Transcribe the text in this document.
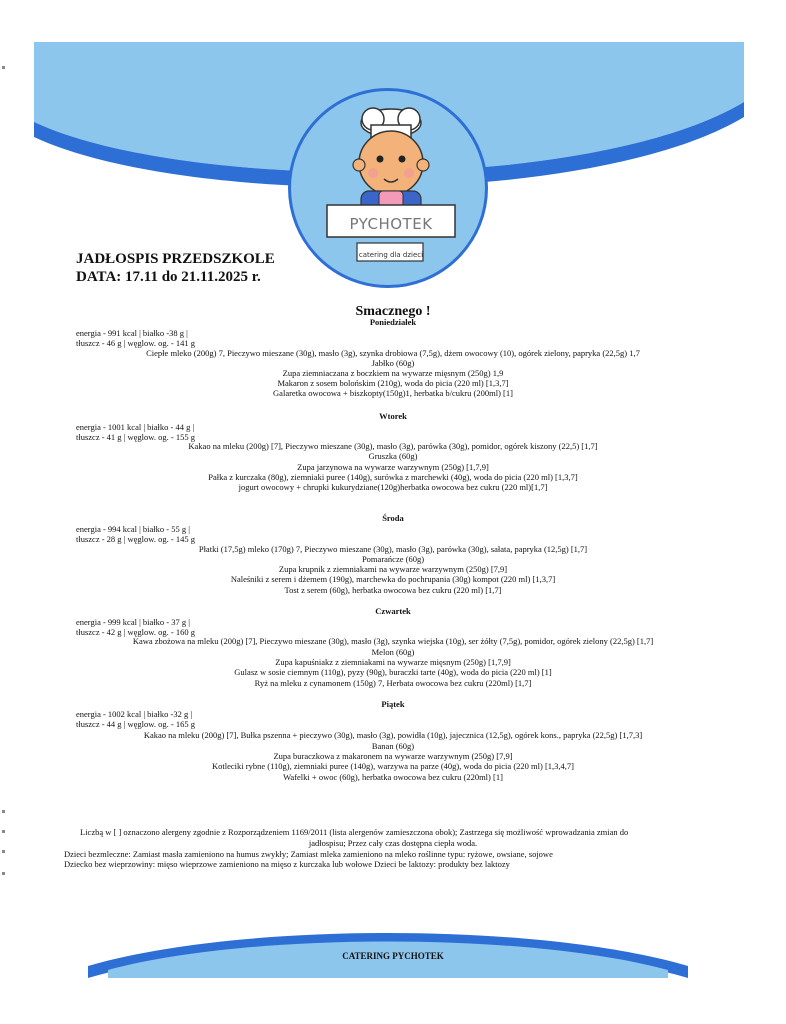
PYCHOTEK
catering dla dzieci
JADŁOSPIS PRZEDSZKOLE
DATA: 17.11 do 21.11.2025 r.
Smacznego !
Poniedziałek
energia - 991 kcal | białko -38 g |
tłuszcz - 46 g | węglow. og. - 141 g
Ciepłe mleko (200g) 7, Pieczywo mieszane (30g), masło (3g), szynka drobiowa (7,5g), dżem owocowy (10), ogórek zielony, papryka (22,5g) 1,7
Jabłko (60g)
Zupa ziemniaczana z boczkiem na wywarze mięsnym (250g) 1,9
Makaron z sosem bolońskim (210g), woda do picia (220 ml) [1,3,7]
Galaretka owocowa + biszkopty(150g)1, herbatka b/cukru (200ml) [1]
Wtorek
energia - 1001 kcal | białko - 44 g |
tłuszcz - 41 g | węglow. og. - 155 g
Kakao na mleku (200g) [7], Pieczywo mieszane (30g), masło (3g), parówka (30g), pomidor, ogórek kiszony (22,5) [1,7]
Gruszka (60g)
Zupa jarzynowa na wywarze warzywnym (250g) [1,7,9]
Pałka z kurczaka (80g), ziemniaki puree (140g), surówka z marchewki (40g), woda do picia (220 ml) [1,3,7]
jogurt owocowy + chrupki kukurydziane(120g)herbatka owocowa bez cukru (220 ml)[1,7]
Środa
energia - 994 kcal | białko - 55 g |
tłuszcz - 28 g | węglow. og. - 145 g
Płatki (17,5g) mleko (170g) 7, Pieczywo mieszane (30g), masło (3g), parówka (30g), sałata, papryka (12,5g) [1,7]
Pomarańcze (60g)
Zupa krupnik z ziemniakami na wywarze warzywnym (250g) [7,9]
Naleśniki z serem i dżemem (190g), marchewka do pochrupania (30g) kompot (220 ml) [1,3,7]
Tost z serem (60g), herbatka owocowa bez cukru (220 ml) [1,7]
Czwartek
energia - 999 kcal | białko - 37 g |
tłuszcz - 42 g | węglow. og. - 160 g
Kawa zbożowa na mleku (200g) [7], Pieczywo mieszane (30g), masło (3g), szynka wiejska (10g), ser żółty (7,5g), pomidor, ogórek zielony (22,5g) [1,7]
Melon (60g)
Zupa kapuśniakz z ziemniakami na wywarze mięsnym (250g) [1,7,9]
Gulasz w sosie ciemnym (110g), pyzy (90g), buraczki tarte (40g), woda do picia (220 ml) [1]
Ryż na mleku z cynamonem (150g) 7, Herbata owocowa bez cukru (220ml) [1,7]
Piątek
energia - 1002 kcal | białko -32 g |
tłuszcz - 44 g | węglow. og. - 165 g
Kakao na mleku (200g) [7], Bułka pszenna + pieczywo (30g), masło (3g), powidła (10g), jajecznica (12,5g), ogórek kons., papryka (22,5g) [1,7,3]
Banan (60g)
Zupa buraczkowa z makaronem na wywarze warzywnym (250g) [7,9]
Kotleciki rybne (110g), ziemniaki puree (140g), warzywa na parze (40g), woda do picia (220 ml) [1,3,4,7]
Wafelki + owoc (60g), herbatka owocowa bez cukru (220ml) [1]
Liczbą w [ ] oznaczono alergeny zgodnie z Rozporządzeniem 1169/2011 (lista alergenów zamieszczona obok); Zastrzega się możliwość wprowadzania zmian do
jadłospisu; Przez cały czas dostępna ciepła woda.
Dzieci bezmleczne: Zamiast masła zamieniono na humus zwykły; Zamiast mleka zamieniono na mleko roślinne typu: ryżowe, owsiane, sojowe
Dziecko bez wieprzowiny: mięso wieprzowe zamieniono na mięso z kurczaka lub wołowe Dzieci be laktozy: produkty bez laktozy
CATERING PYCHOTEK
